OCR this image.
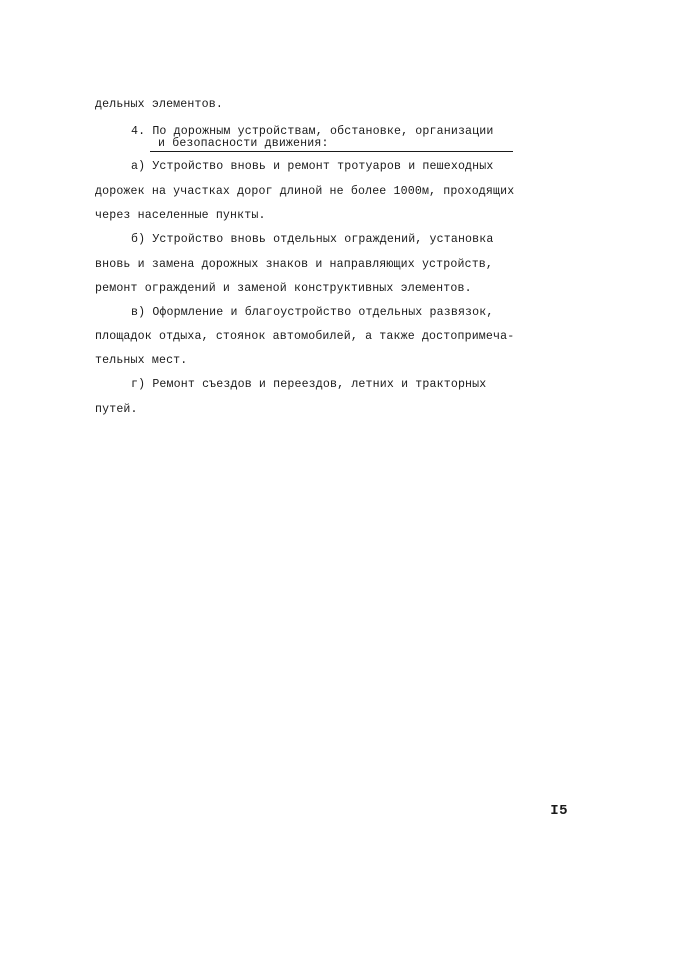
дельных элементов.
4. По дорожным устройствам, обстановке, организации
и безопасности движения:
а) Устройство вновь и ремонт тротуаров и пешеходных
дорожек на участках дорог длиной не более 1000м, проходящих
через населенные пункты.
б) Устройство вновь отдельных ограждений, установка
вновь и замена дорожных знаков и направляющих устройств,
ремонт ограждений и заменой конструктивных элементов.
в) Оформление и благоустройство отдельных развязок,
площадок отдыха, стоянок автомобилей, а также достопримеча-
тельных мест.
г) Ремонт съездов и переездов, летних и тракторных
путей.
I5
